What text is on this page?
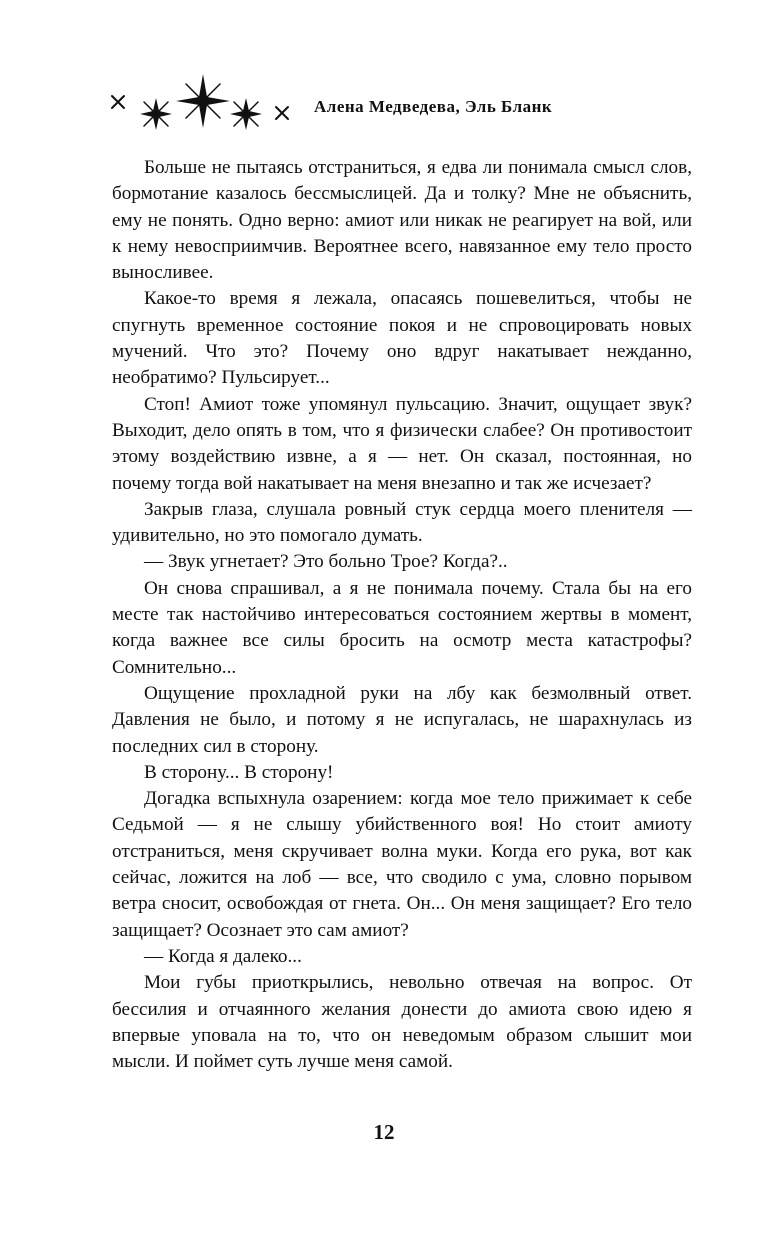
Алена Медведева, Эль Бланк

Больше не пытаясь отстраниться, я едва ли понимала смысл слов, бормотание казалось бессмыслицей. Да и толку? Мне не объяснить, ему не понять. Одно верно: амиот или никак не реагирует на вой, или к нему невосприимчив. Вероятнее всего, навязанное ему тело просто выносливее.

Какое-то время я лежала, опасаясь пошевелиться, чтобы не спугнуть временное состояние покоя и не спровоцировать новых мучений. Что это? Почему оно вдруг накатывает нежданно, необратимо? Пульсирует...

Стоп! Амиот тоже упомянул пульсацию. Значит, ощущает звук? Выходит, дело опять в том, что я физически слабее? Он противостоит этому воздействию извне, а я — нет. Он сказал, постоянная, но почему тогда вой накатывает на меня внезапно и так же исчезает?

Закрыв глаза, слушала ровный стук сердца моего пленителя — удивительно, но это помогало думать.

— Звук угнетает? Это больно Трое? Когда?..

Он снова спрашивал, а я не понимала почему. Стала бы на его месте так настойчиво интересоваться состоянием жертвы в момент, когда важнее все силы бросить на осмотр места катастрофы? Сомнительно...

Ощущение прохладной руки на лбу как безмолвный ответ. Давления не было, и потому я не испугалась, не шарахнулась из последних сил в сторону.

В сторону... В сторону!

Догадка вспыхнула озарением: когда мое тело прижимает к себе Седьмой — я не слышу убийственного воя! Но стоит амиоту отстраниться, меня скручивает волна муки. Когда его рука, вот как сейчас, ложится на лоб — все, что сводило с ума, словно порывом ветра сносит, освобождая от гнета. Он... Он меня защищает? Его тело защищает? Осознает это сам амиот?

— Когда я далеко...

Мои губы приоткрылись, невольно отвечая на вопрос. От бессилия и отчаянного желания донести до амиота свою идею я впервые уповала на то, что он неведомым образом слышит мои мысли. И поймет суть лучше меня самой.

12
